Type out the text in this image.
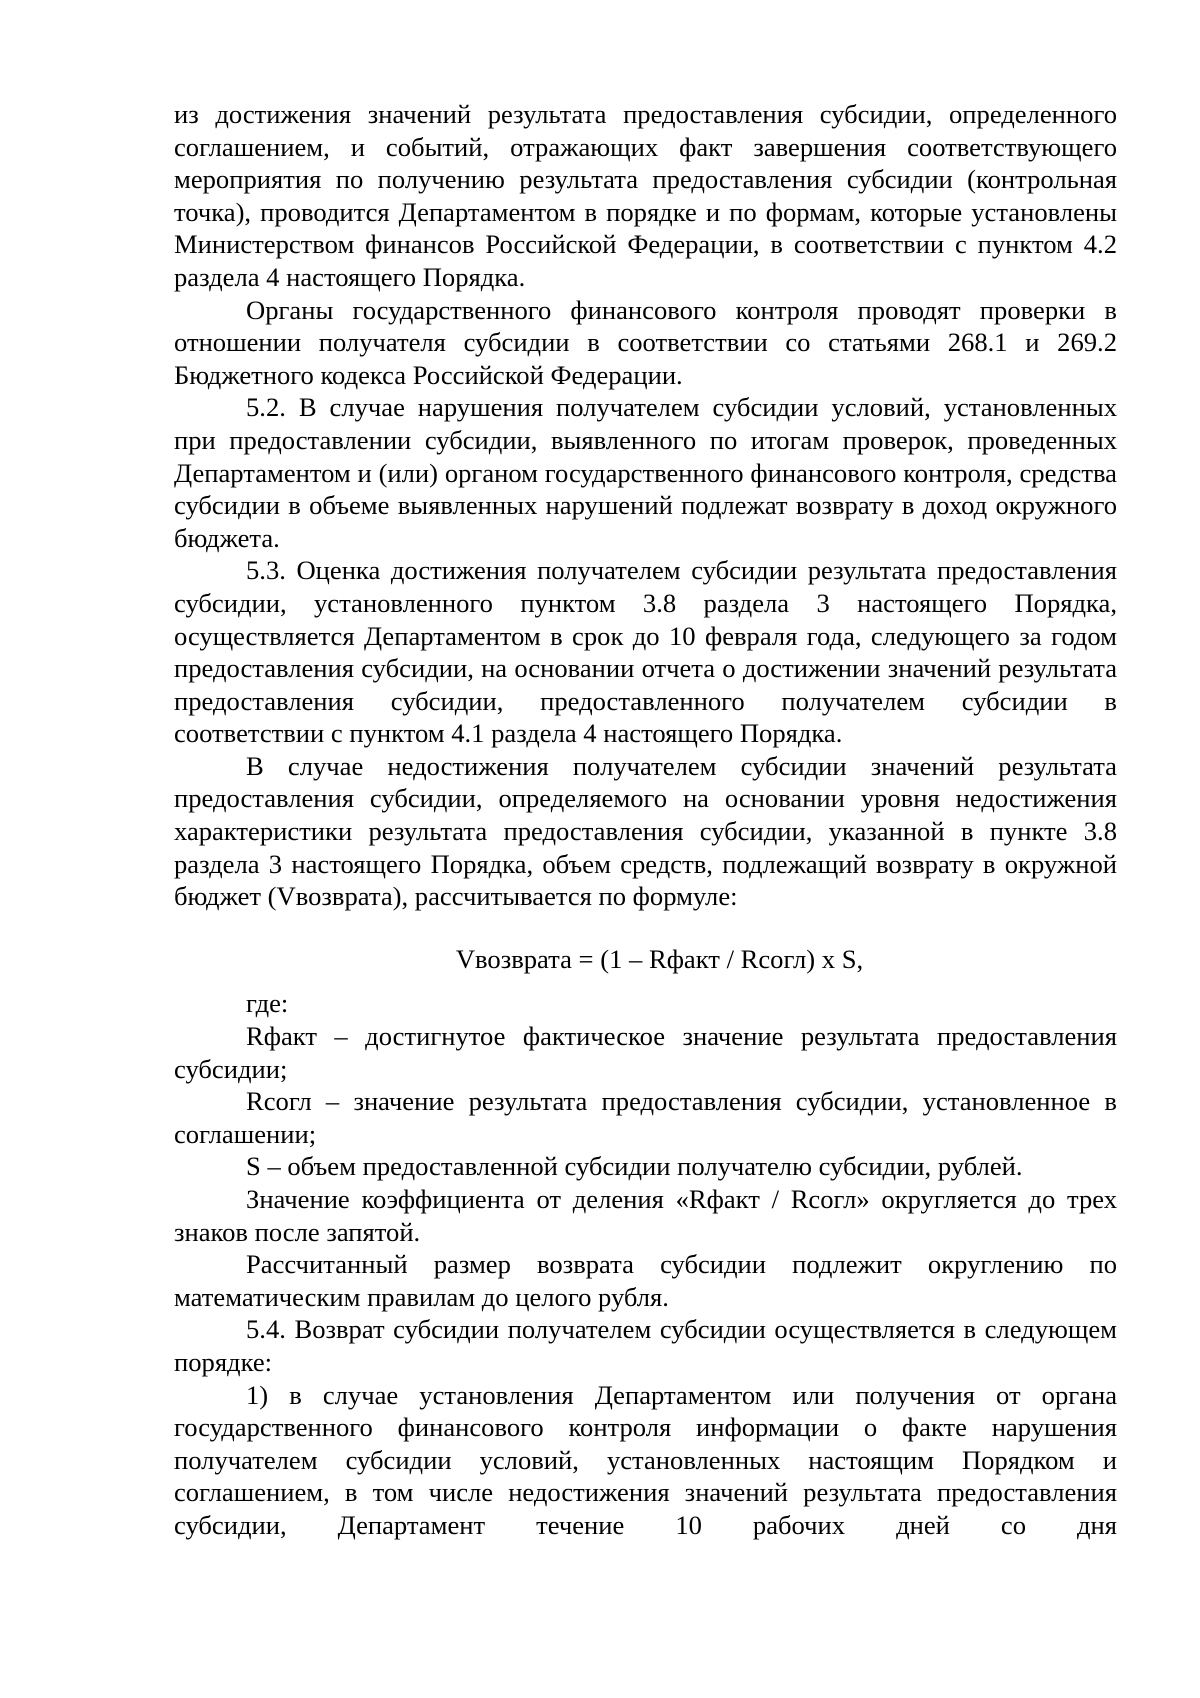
из достижения значений результата предоставления субсидии, определенного соглашением, и событий, отражающих факт завершения соответствующего мероприятия по получению результата предоставления субсидии (контрольная точка), проводится Департаментом в порядке и по формам, которые установлены Министерством финансов Российской Федерации, в соответствии с пунктом 4.2 раздела 4 настоящего Порядка.

Органы государственного финансового контроля проводят проверки в отношении получателя субсидии в соответствии со статьями 268.1 и 269.2 Бюджетного кодекса Российской Федерации.

5.2. В случае нарушения получателем субсидии условий, установленных при предоставлении субсидии, выявленного по итогам проверок, проведенных Департаментом и (или) органом государственного финансового контроля, средства субсидии в объеме выявленных нарушений подлежат возврату в доход окружного бюджета.

5.3. Оценка достижения получателем субсидии результата предоставления субсидии, установленного пунктом 3.8 раздела 3 настоящего Порядка, осуществляется Департаментом в срок до 10 февраля года, следующего за годом предоставления субсидии, на основании отчета о достижении значений результата предоставления субсидии, предоставленного получателем субсидии в соответствии с пунктом 4.1 раздела 4 настоящего Порядка.

В случае недостижения получателем субсидии значений результата предоставления субсидии, определяемого на основании уровня недостижения характеристики результата предоставления субсидии, указанной в пункте 3.8 раздела 3 настоящего Порядка, объем средств, подлежащий возврату в окружной бюджет (Vвозврата), рассчитывается по формуле:

Vвозврата = (1 – Rфакт / Rсогл) х S,

где:

Rфакт – достигнутое фактическое значение результата предоставления субсидии;

Rсогл – значение результата предоставления субсидии, установленное в соглашении;

S – объем предоставленной субсидии получателю субсидии, рублей.

Значение коэффициента от деления «Rфакт / Rсогл» округляется до трех знаков после запятой.

Рассчитанный размер возврата субсидии подлежит округлению по математическим правилам до целого рубля.

5.4. Возврат субсидии получателем субсидии осуществляется в следующем порядке:

1) в случае установления Департаментом или получения от органа государственного финансового контроля информации о факте нарушения получателем субсидии условий, установленных настоящим Порядком и соглашением, в том числе недостижения значений результата предоставления субсидии, Департамент течение 10 рабочих дней со дня
